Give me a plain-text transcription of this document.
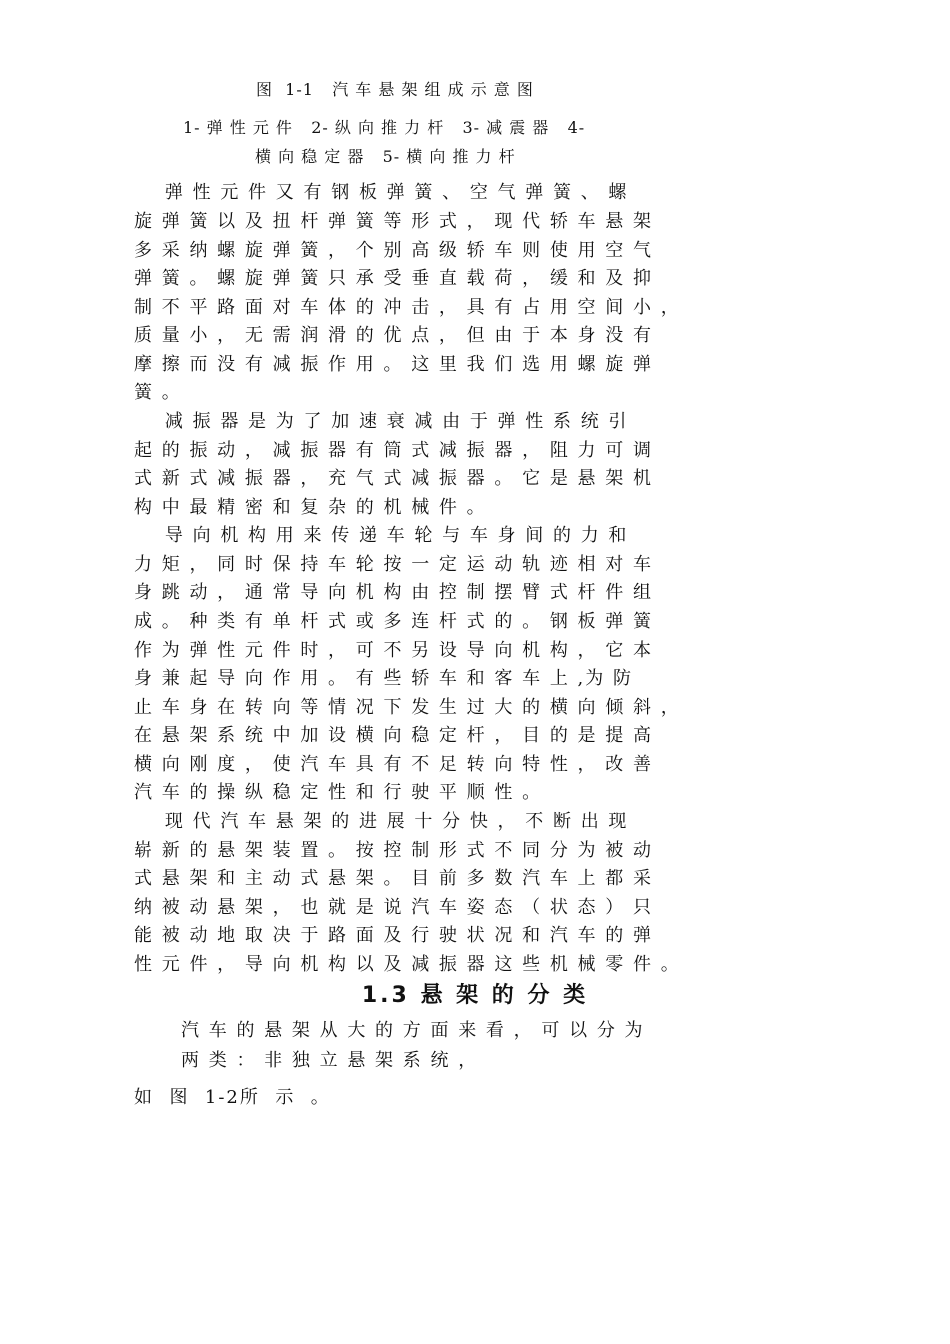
图  1-1   汽 车 悬 架 组 成 示 意 图
1- 弹 性 元 件   2- 纵 向 推 力 杆   3- 减 震 器   4-
横 向 稳 定 器   5- 横 向 推 力 杆
弹 性 元 件 又 有 钢 板 弹 簧 、 空 气 弹 簧 、 螺
旋 弹 簧 以 及 扭 杆 弹 簧 等 形 式 ， 现 代 轿 车 悬 架
多 采 纳 螺 旋 弹 簧 ， 个 别 高 级 轿 车 则 使 用 空 气
弹 簧 。 螺 旋 弹 簧 只 承 受 垂 直 载 荷 ， 缓 和 及 抑
制 不 平 路 面 对 车 体 的 冲 击 ， 具 有 占 用 空 间 小 ，
质 量 小 ， 无 需 润 滑 的 优 点 ， 但 由 于 本 身 没 有
摩 擦 而 没 有 减 振 作 用 。 这 里 我 们 选 用 螺 旋 弹
簧 。
减 振 器 是 为 了 加 速 衰 减 由 于 弹 性 系 统 引
起 的 振 动 ， 减 振 器 有 筒 式 减 振 器 ， 阻 力 可 调
式 新 式 减 振 器 ， 充 气 式 减 振 器 。 它 是 悬 架 机
构 中 最 精 密 和 复 杂 的 机 械 件 。
导 向 机 构 用 来 传 递 车 轮 与 车 身 间 的 力 和
力 矩 ， 同 时 保 持 车 轮 按 一 定 运 动 轨 迹 相 对 车
身 跳 动 ， 通 常 导 向 机 构 由 控 制 摆 臂 式 杆 件 组
成 。 种 类 有 单 杆 式 或 多 连 杆 式 的 。 钢 板 弹 簧
作 为 弹 性 元 件 时 ， 可 不 另 设 导 向 机 构 ， 它 本
身 兼 起 导 向 作 用 。 有 些 轿 车 和 客 车 上 ,为 防
止 车 身 在 转 向 等 情 况 下 发 生 过 大 的 横 向 倾 斜 ，
在 悬 架 系 统 中 加 设 横 向 稳 定 杆 ， 目 的 是 提 高
横 向 刚 度 ， 使 汽 车 具 有 不 足 转 向 特 性 ， 改 善
汽 车 的 操 纵 稳 定 性 和 行 驶 平 顺 性 。
现 代 汽 车 悬 架 的 进 展 十 分 快 ， 不 断 出 现
崭 新 的 悬 架 装 置 。 按 控 制 形 式 不 同 分 为 被 动
式 悬 架 和 主 动 式 悬 架 。 目 前 多 数 汽 车 上 都 采
纳 被 动 悬 架 ， 也 就 是 说 汽 车 姿 态 （ 状 态 ） 只
能 被 动 地 取 决 于 路 面 及 行 驶 状 况 和 汽 车 的 弹
性 元 件 ， 导 向 机 构 以 及 减 振 器 这 些 机 械 零 件 。
1.3 悬 架 的 分 类
汽 车 的 悬 架 从 大 的 方 面 来 看 ， 可 以 分 为
两 类 ： 非 独 立 悬 架 系 统 ，
如  图  1-2所  示  。
